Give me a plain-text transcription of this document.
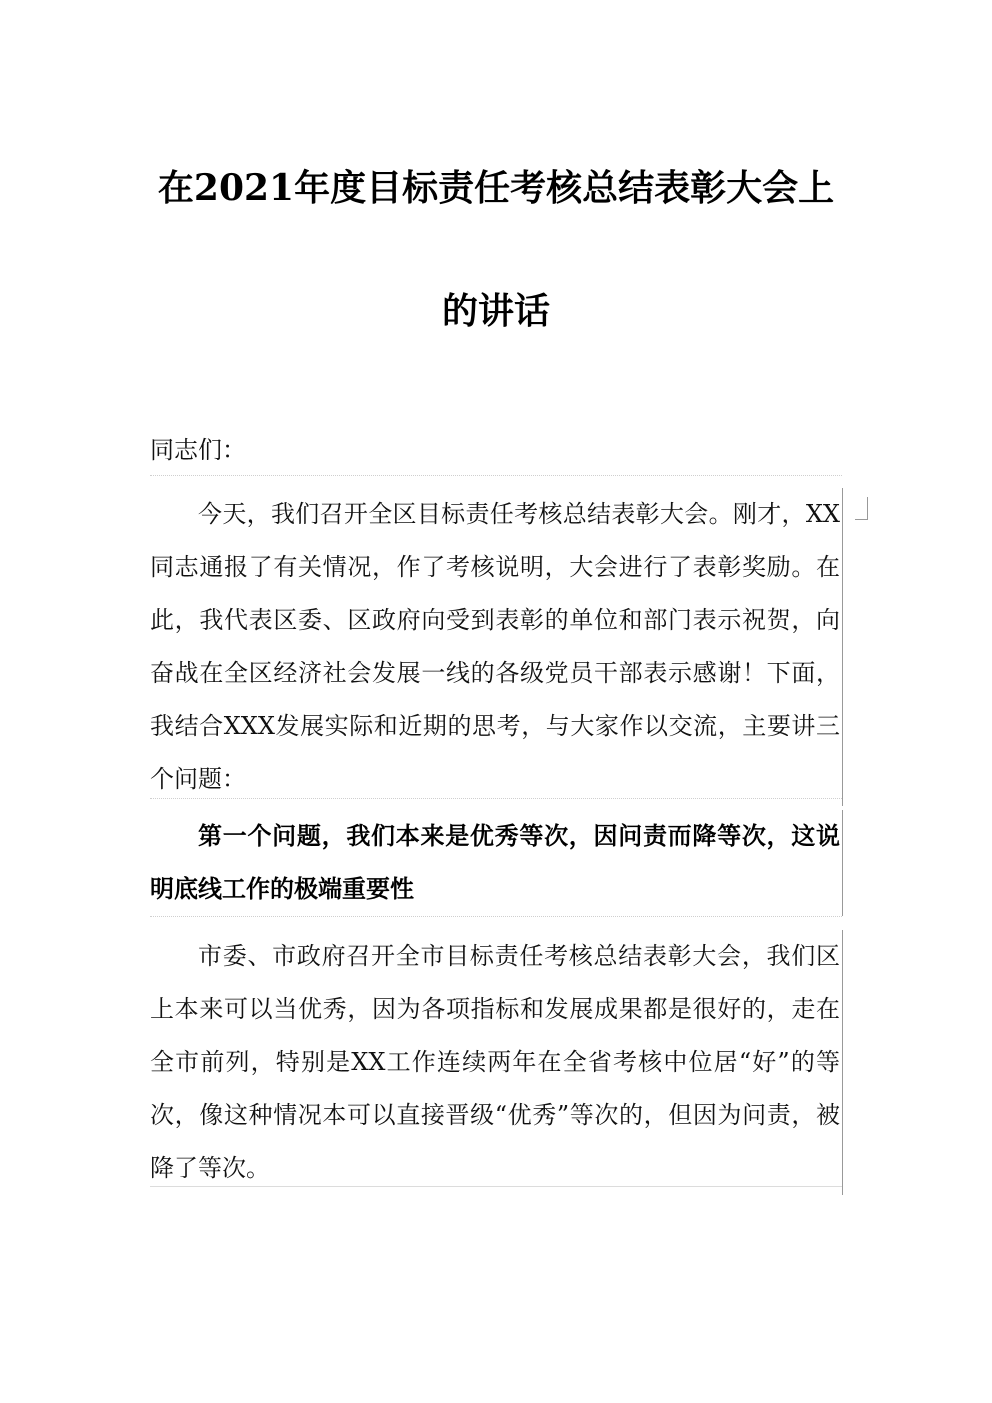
在2021年度目标责任考核总结表彰大会上
的讲话
同志们：
今天，我们召开全区目标责任考核总结表彰大会。刚才，XX同志通报了有关情况，作了考核说明，大会进行了表彰奖励。在此，我代表区委、区政府向受到表彰的单位和部门表示祝贺，向奋战在全区经济社会发展一线的各级党员干部表示感谢！下面，我结合XXX发展实际和近期的思考，与大家作以交流，主要讲三个问题：
第一个问题，我们本来是优秀等次，因问责而降等次，这说明底线工作的极端重要性
市委、市政府召开全市目标责任考核总结表彰大会，我们区上本来可以当优秀，因为各项指标和发展成果都是很好的，走在全市前列，特别是XX工作连续两年在全省考核中位居“好”的等次，像这种情况本可以直接晋级“优秀”等次的，但因为问责，被降了等次。
